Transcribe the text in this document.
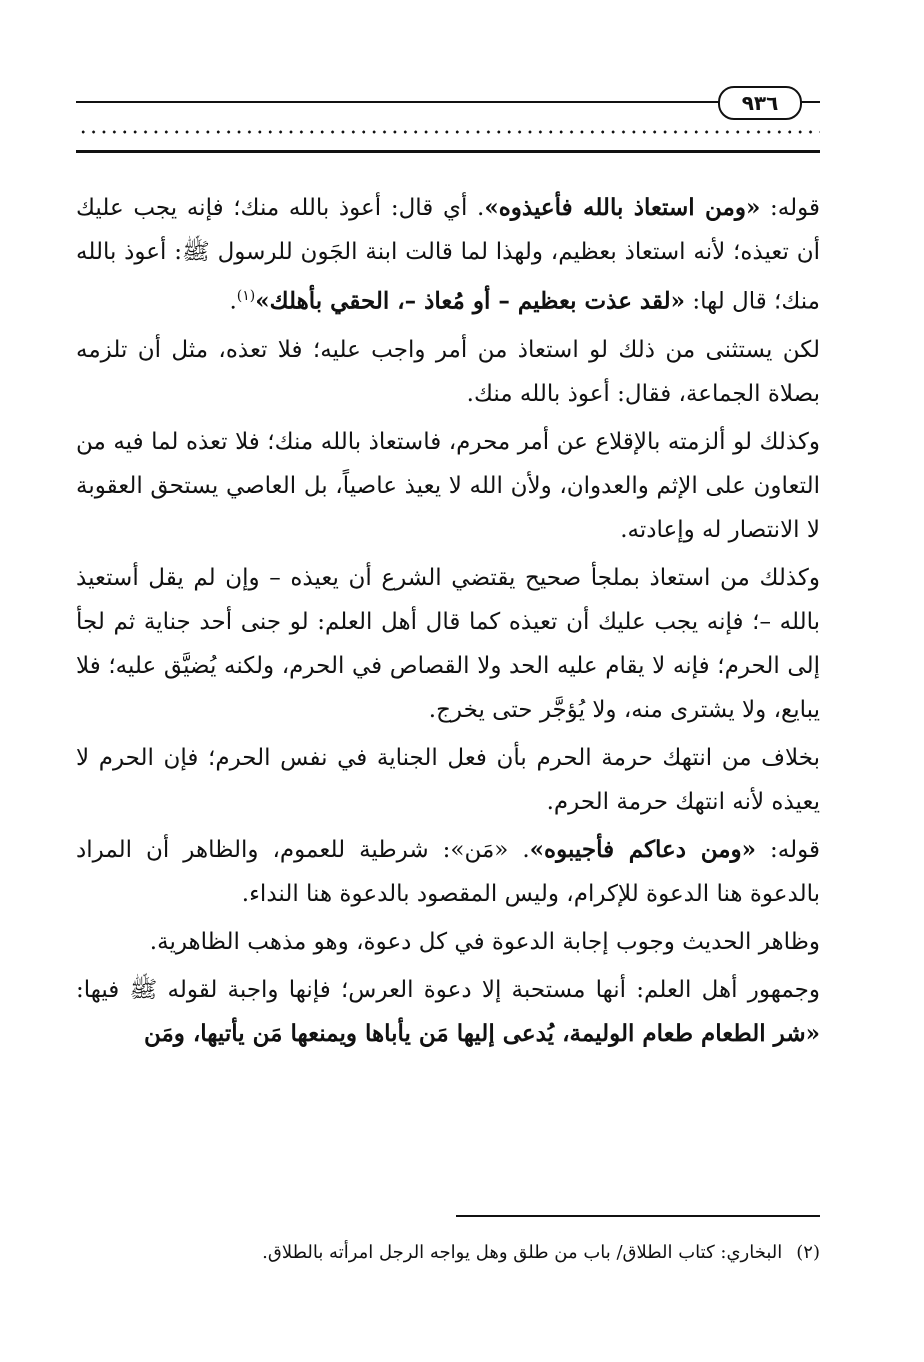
٩٣٦

قوله: «ومن استعاذ بالله فأعيذوه». أي قال: أعوذ بالله منك؛ فإنه يجب عليك أن تعيذه؛ لأنه استعاذ بعظيم، ولهذا لما قالت ابنة الجَون للرسول ﷺ: أعوذ بالله منك؛ قال لها: «لقد عذت بعظيم – أو مُعاذ –، الحقي بأهلك»$^{(١)}$.

لكن يستثنى من ذلك لو استعاذ من أمر واجب عليه؛ فلا تعذه، مثل أن تلزمه بصلاة الجماعة، فقال: أعوذ بالله منك.

وكذلك لو ألزمته بالإقلاع عن أمر محرم، فاستعاذ بالله منك؛ فلا تعذه لما فيه من التعاون على الإثم والعدوان، ولأن الله لا يعيذ عاصياً، بل العاصي يستحق العقوبة لا الانتصار له وإعادته.

وكذلك من استعاذ بملجأ صحيح يقتضي الشرع أن يعيذه – وإن لم يقل أستعيذ بالله –؛ فإنه يجب عليك أن تعيذه كما قال أهل العلم: لو جنى أحد جناية ثم لجأ إلى الحرم؛ فإنه لا يقام عليه الحد ولا القصاص في الحرم، ولكنه يُضيَّق عليه؛ فلا يبايع، ولا يشترى منه، ولا يُؤجَّر حتى يخرج.

بخلاف من انتهك حرمة الحرم بأن فعل الجناية في نفس الحرم؛ فإن الحرم لا يعيذه لأنه انتهك حرمة الحرم.

قوله: «ومن دعاكم فأجيبوه». «مَن»: شرطية للعموم، والظاهر أن المراد بالدعوة هنا الدعوة للإكرام، وليس المقصود بالدعوة هنا النداء.

وظاهر الحديث وجوب إجابة الدعوة في كل دعوة، وهو مذهب الظاهرية.

وجمهور أهل العلم: أنها مستحبة إلا دعوة العرس؛ فإنها واجبة لقوله ﷺ فيها: «شر الطعام طعام الوليمة، يُدعى إليها مَن يأباها ويمنعها مَن يأتيها، ومَن

(٢)البخاري: كتاب الطلاق/ باب من طلق وهل يواجه الرجل امرأته بالطلاق.
